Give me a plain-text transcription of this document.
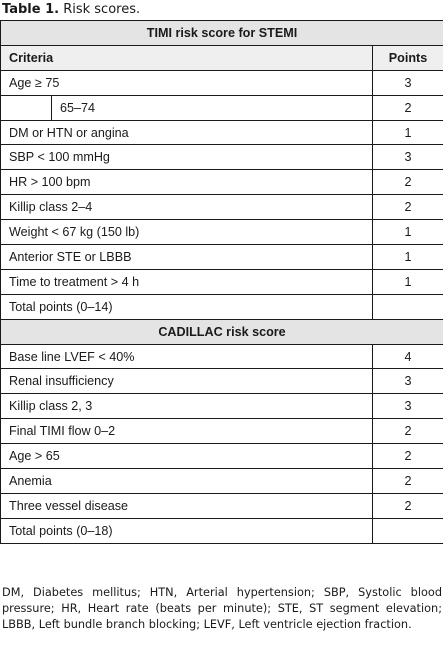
Table 1. Risk scores.
TIMI risk score for STEMI		
Criteria		Points
Age ≥ 75		3
	65–74	2
DM or HTN or angina		1
SBP < 100 mmHg		3
HR > 100 bpm		2
Killip class 2–4		2
Weight < 67 kg (150 lb)		1
Anterior STE or LBBB		1
Time to treatment > 4 h		1
Total points (0–14)		
CADILLAC risk score		
Base line LVEF < 40%		4
Renal insufficiency		3
Killip class 2, 3		3
Final TIMI flow 0–2		2
Age > 65		2
Anemia		2
Three vessel disease		2
Total points (0–18)		
DM, Diabetes mellitus; HTN, Arterial hypertension; SBP, Systolic blood pressure; HR, Heart rate (beats per minute); STE, ST segment elevation; LBBB, Left bundle branch blocking; LEVF, Left ventricle ejection fraction.
